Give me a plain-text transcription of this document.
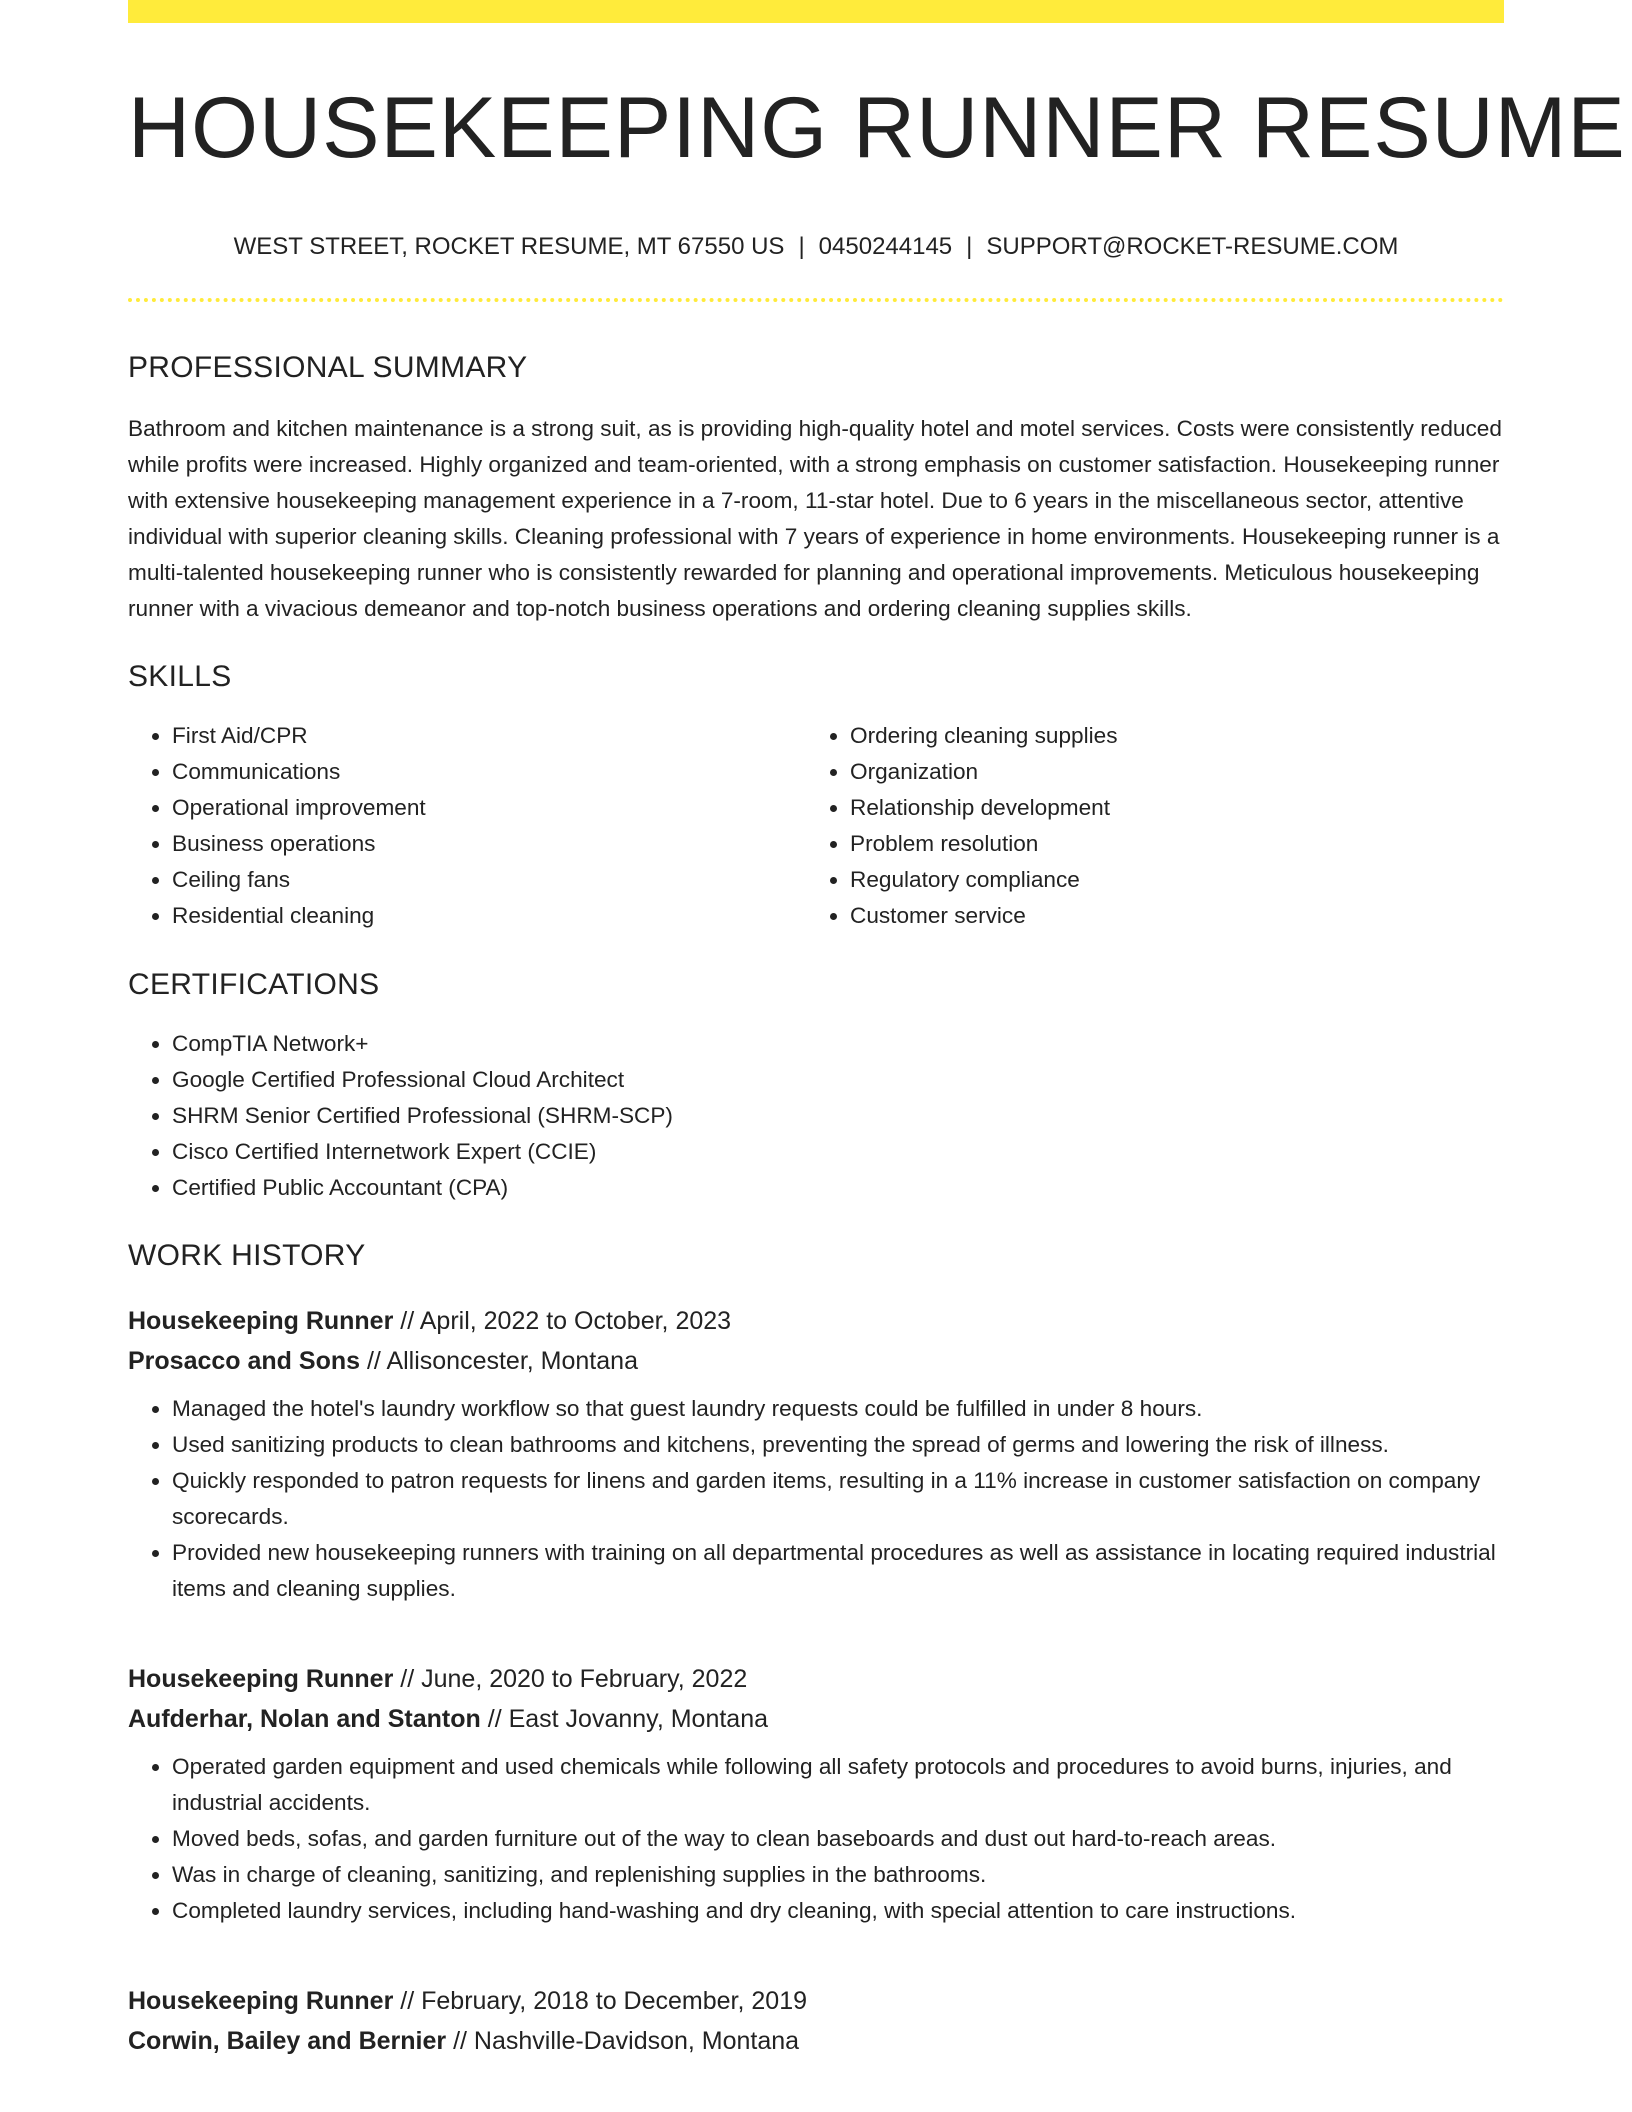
HOUSEKEEPING RUNNER RESUME
WEST STREET, ROCKET RESUME, MT 67550 US | 0450244145 | SUPPORT@ROCKET-RESUME.COM
PROFESSIONAL SUMMARY

Bathroom and kitchen maintenance is a strong suit, as is providing high-quality hotel and motel services. Costs were consistently reduced while profits were increased. Highly organized and team-oriented, with a strong emphasis on customer satisfaction. Housekeeping runner with extensive housekeeping management experience in a 7-room, 11-star hotel. Due to 6 years in the miscellaneous sector, attentive individual with superior cleaning skills. Cleaning professional with 7 years of experience in home environments. Housekeeping runner is a multi-talented housekeeping runner who is consistently rewarded for planning and operational improvements. Meticulous housekeeping runner with a vivacious demeanor and top-notch business operations and ordering cleaning supplies skills.

SKILLS
• First Aid/CPR
• Communications
• Operational improvement
• Business operations
• Ceiling fans
• Residential cleaning
• Ordering cleaning supplies
• Organization
• Relationship development
• Problem resolution
• Regulatory compliance
• Customer service
CERTIFICATIONS
• CompTIA Network+
• Google Certified Professional Cloud Architect
• SHRM Senior Certified Professional (SHRM-SCP)
• Cisco Certified Internetwork Expert (CCIE)
• Certified Public Accountant (CPA)
WORK HISTORY
Housekeeping Runner // April, 2022 to October, 2023
Prosacco and Sons // Allisoncester, Montana
• Managed the hotel's laundry workflow so that guest laundry requests could be fulfilled in under 8 hours.
• Used sanitizing products to clean bathrooms and kitchens, preventing the spread of germs and lowering the risk of illness.
• Quickly responded to patron requests for linens and garden items, resulting in a 11% increase in customer satisfaction on company scorecards.
• Provided new housekeeping runners with training on all departmental procedures as well as assistance in locating required industrial items and cleaning supplies.
Housekeeping Runner // June, 2020 to February, 2022
Aufderhar, Nolan and Stanton // East Jovanny, Montana
• Operated garden equipment and used chemicals while following all safety protocols and procedures to avoid burns, injuries, and industrial accidents.
• Moved beds, sofas, and garden furniture out of the way to clean baseboards and dust out hard-to-reach areas.
• Was in charge of cleaning, sanitizing, and replenishing supplies in the bathrooms.
• Completed laundry services, including hand-washing and dry cleaning, with special attention to care instructions.
Housekeeping Runner // February, 2018 to December, 2019
Corwin, Bailey and Bernier // Nashville-Davidson, Montana
